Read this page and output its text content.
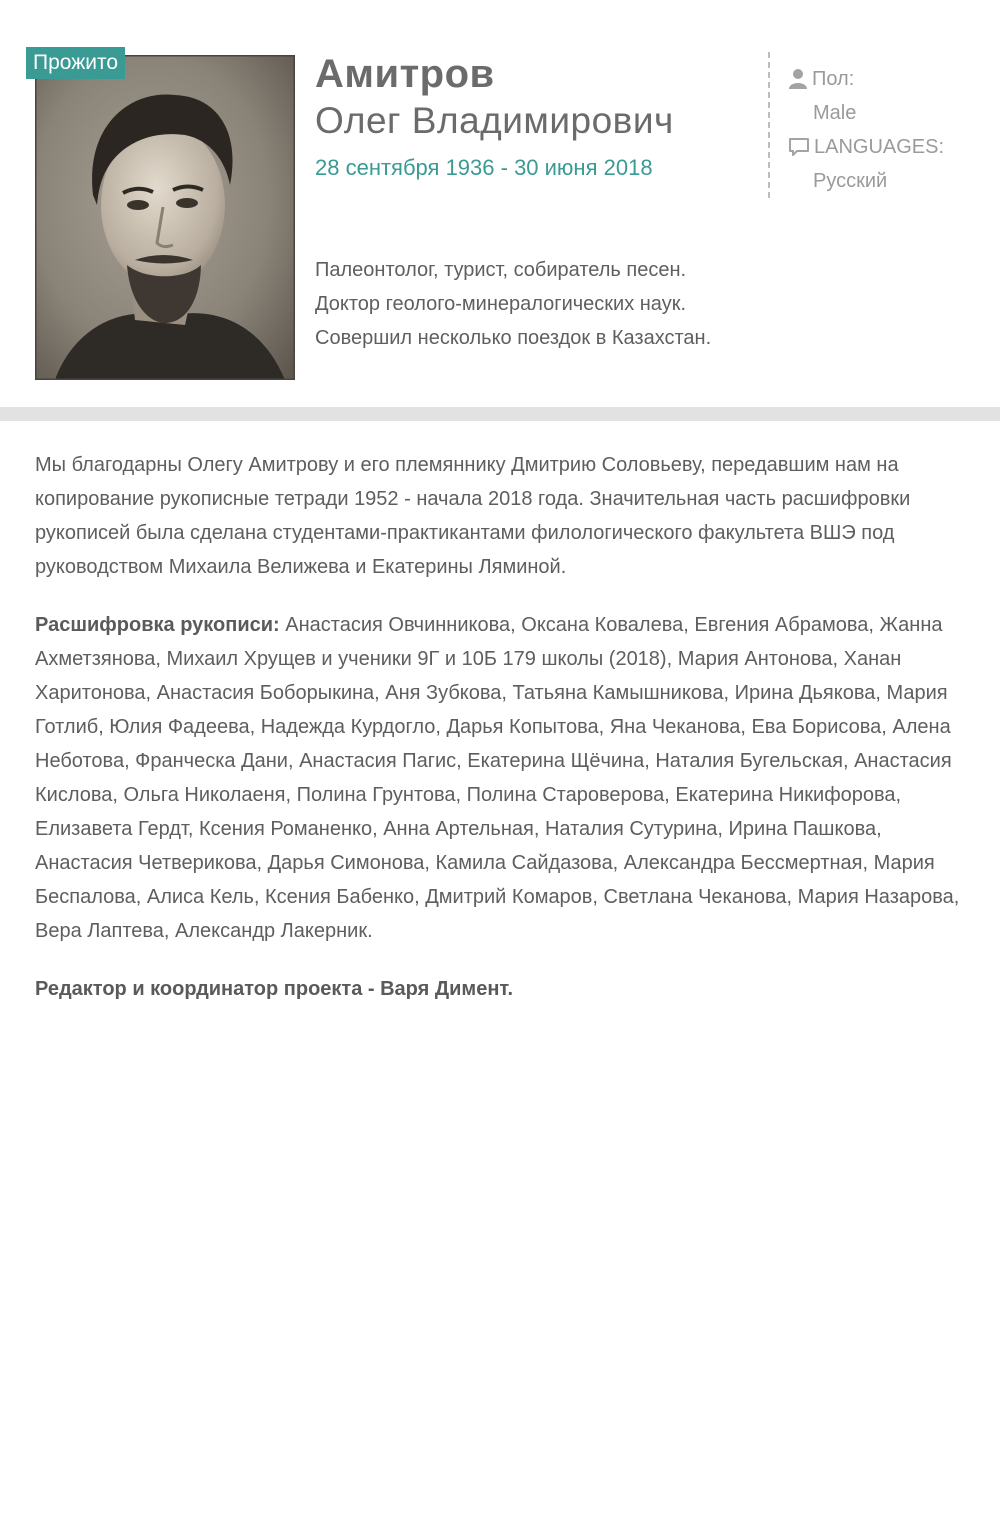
Прожито	Амитров
Олег Владимирович
28 сентября 1936 - 30 июня 2018
Палеонтолог, турист, собиратель песен.
Доктор геолого-минералогических наук.
Совершил несколько поездок в Казахстан.
Пол:
Male
LANGUAGES:
Русский

Мы благодарны Олегу Амитрову и его племяннику Дмитрию Соловьеву, передавшим нам на копирование рукописные тетради 1952 - начала 2018 года. Значительная часть расшифровки рукописей была сделана студентами-практикантами филологического факультета ВШЭ под руководством Михаила Велижева и Екатерины Ляминой.

Расшифровка рукописи: Анастасия Овчинникова, Оксана Ковалева, Евгения Абрамова, Жанна Ахметзянова, Михаил Хрущев и ученики 9Г и 10Б 179 школы (2018), Мария Антонова, Ханан Харитонова, Анастасия Боборыкина, Аня Зубкова, Татьяна Камышникова, Ирина Дьякова, Мария Готлиб, Юлия Фадеева, Надежда Курдогло, Дарья Копытова, Яна Чеканова, Ева Борисова, Алена Неботова, Франческа Дани, Анастасия Пагис, Екатерина Щёчина, Наталия Бугельская, Анастасия Кислова, Ольга Николаеня, Полина Грунтова, Полина Староверова, Екатерина Никифорова, Елизавета Гердт, Ксения Романенко, Анна Артельная, Наталия Сутурина, Ирина Пашкова, Анастасия Четверикова, Дарья Симонова, Камила Сайдазова, Александра Бессмертная, Мария Беспалова, Алиса Кель, Ксения Бабенко, Дмитрий Комаров, Светлана Чеканова, Мария Назарова, Вера Лаптева, Александр Лакерник.

Редактор и координатор проекта - Варя Димент.
